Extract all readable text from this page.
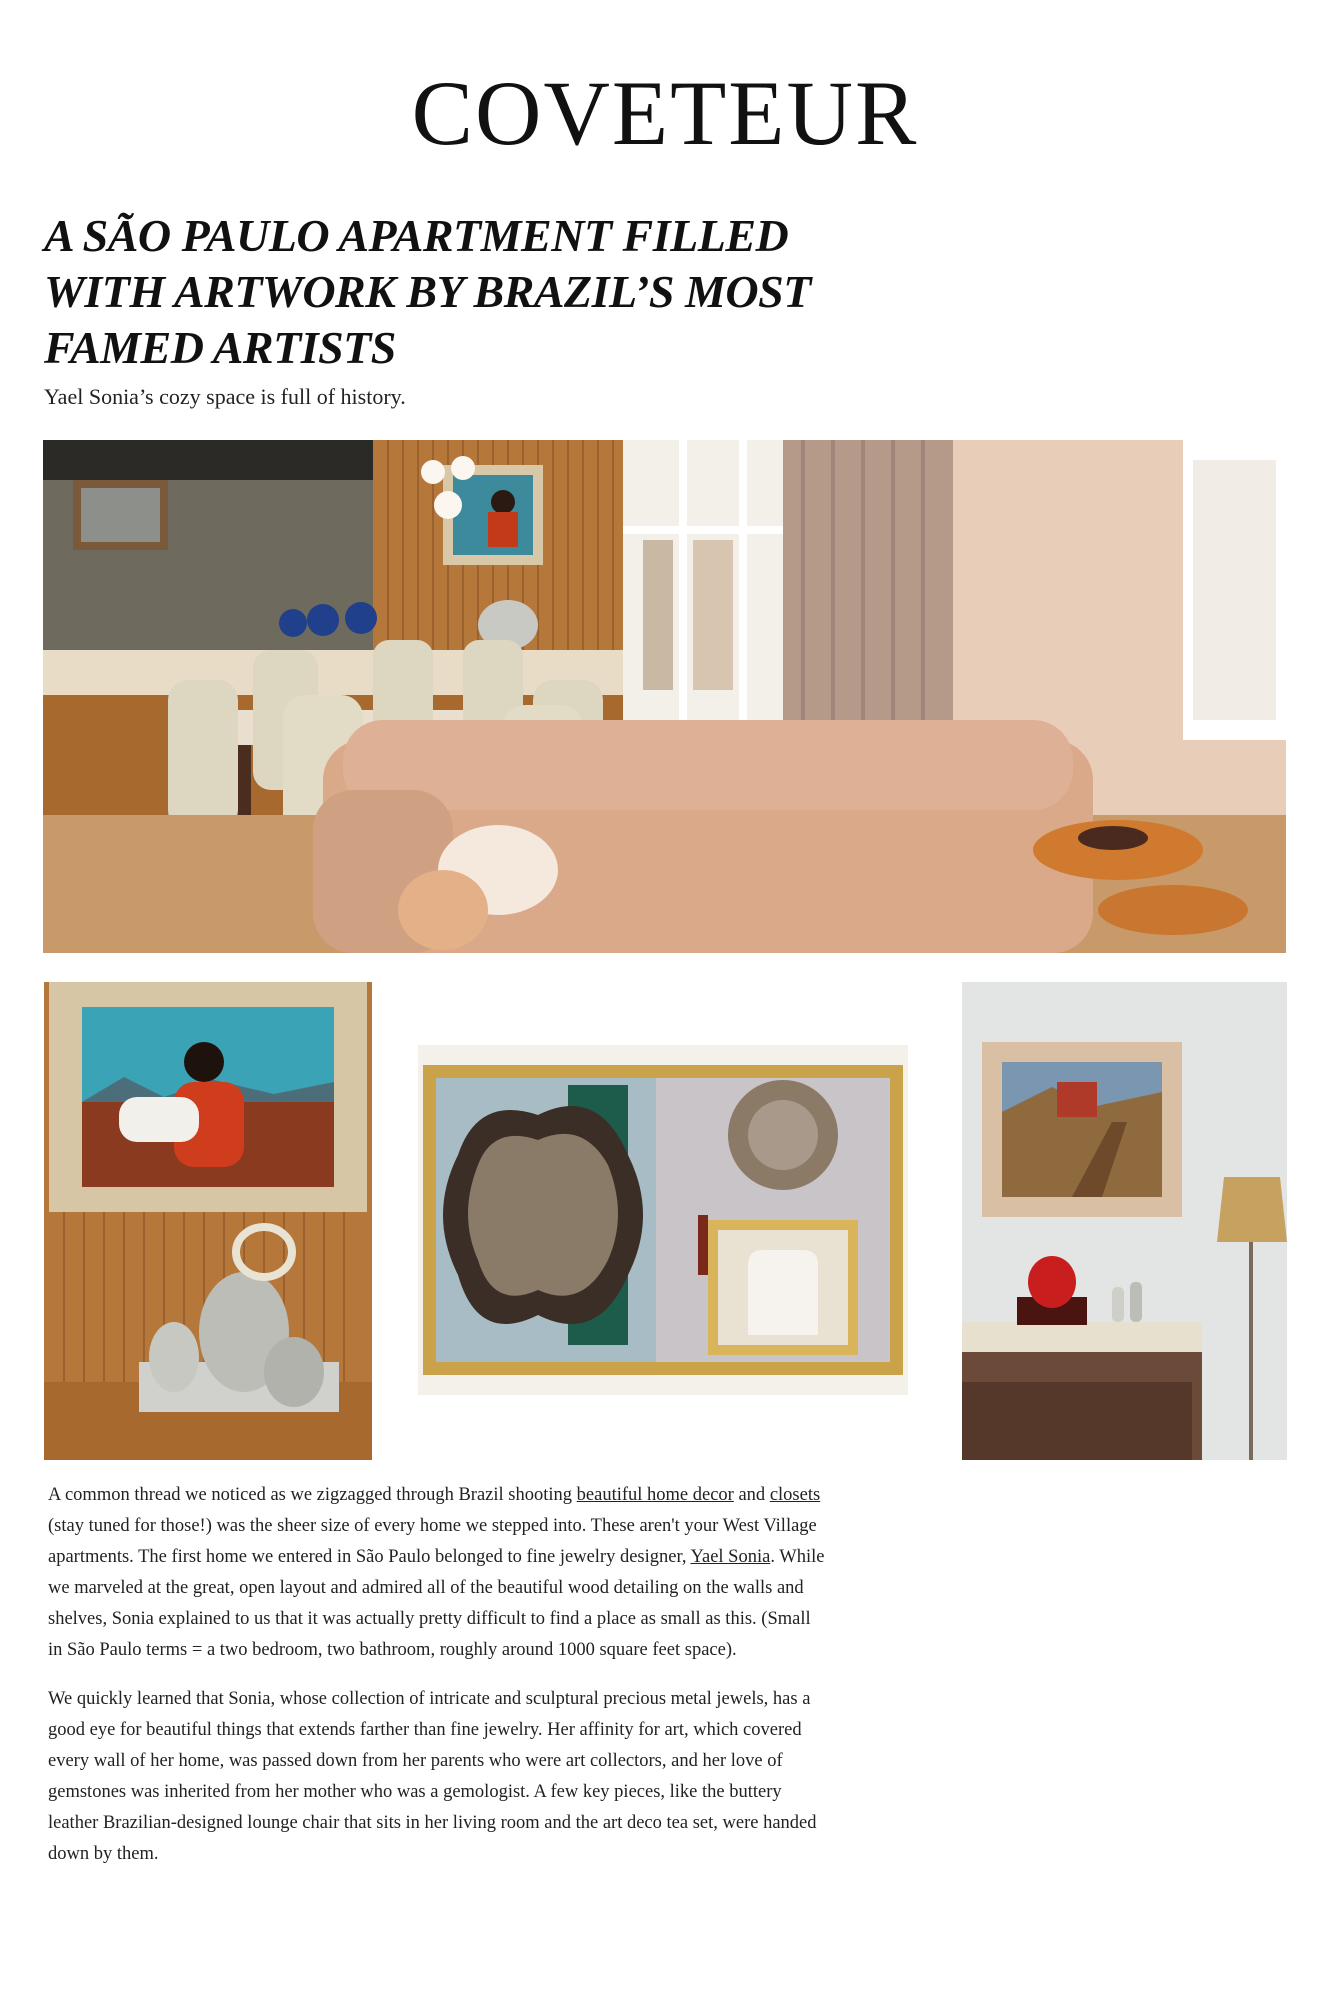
COVETEUR
A SÃO PAULO APARTMENT FILLED WITH ARTWORK BY BRAZIL’S MOST FAMED ARTISTS

Yael Sonia’s cozy space is full of history.

A common thread we noticed as we zigzagged through Brazil shooting beautiful home decor and closets (stay tuned for those!) was the sheer size of every home we stepped into. These aren't your West Village apartments. The first home we entered in São Paulo belonged to fine jewelry designer, Yael Sonia. While we marveled at the great, open layout and admired all of the beautiful wood detailing on the walls and shelves, Sonia explained to us that it was actually pretty difficult to find a place as small as this. (Small in São Paulo terms = a two bedroom, two bathroom, roughly around 1000 square feet space).

We quickly learned that Sonia, whose collection of intricate and sculptural precious metal jewels, has a good eye for beautiful things that extends farther than fine jewelry. Her affinity for art, which covered every wall of her home, was passed down from her parents who were art collectors, and her love of gemstones was inherited from her mother who was a gemologist. A few key pieces, like the buttery leather Brazilian-designed lounge chair that sits in her living room and the art deco tea set, were handed down by them.
